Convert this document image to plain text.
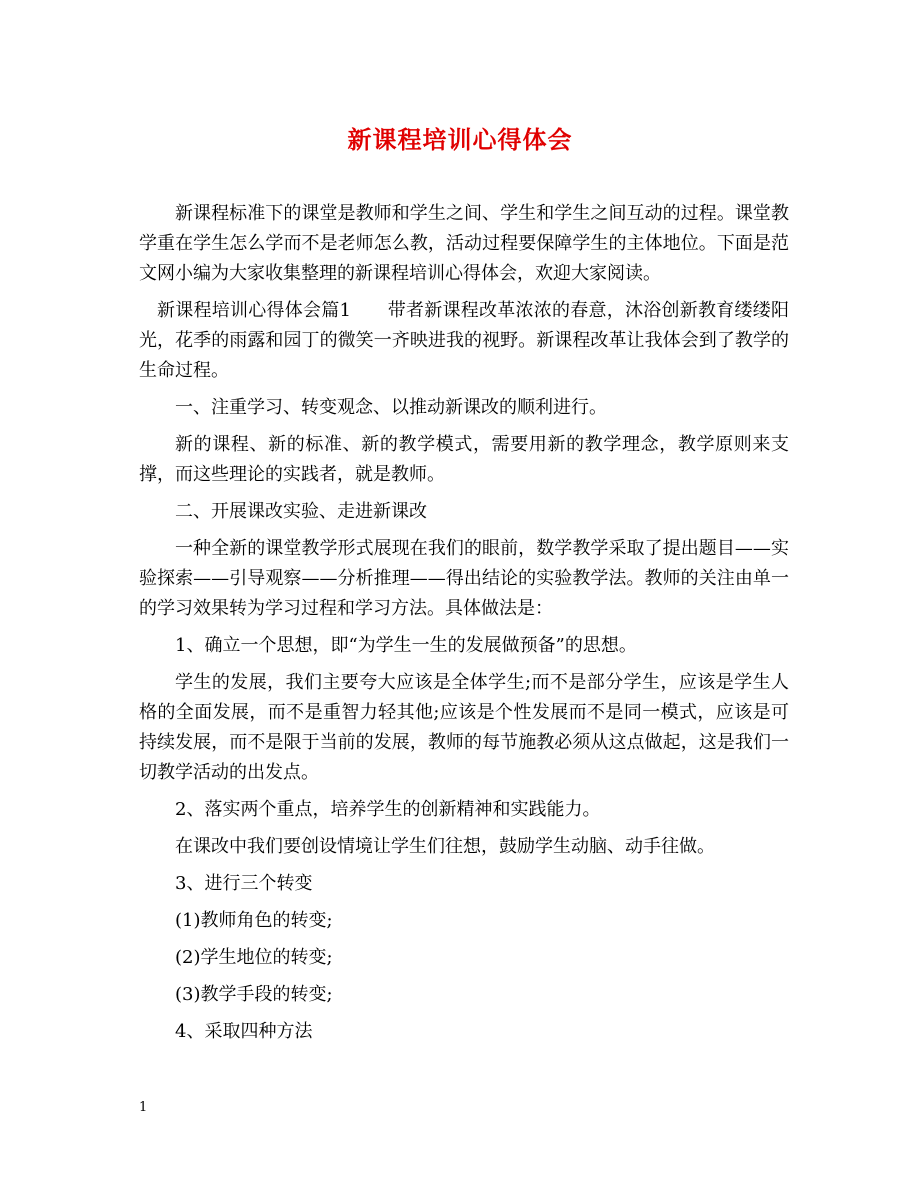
新课程培训心得体会

新课程标准下的课堂是教师和学生之间、学生和学生之间互动的过程。课堂教学重在学生怎么学而不是老师怎么教，活动过程要保障学生的主体地位。下面是范文网小编为大家收集整理的新课程培训心得体会，欢迎大家阅读。

新课程培训心得体会篇1　　带者新课程改革浓浓的春意，沐浴创新教育缕缕阳光，花季的雨露和园丁的微笑一齐映进我的视野。新课程改革让我体会到了教学的生命过程。

一、注重学习、转变观念、以推动新课改的顺利进行。

新的课程、新的标准、新的教学模式，需要用新的教学理念，教学原则来支撑，而这些理论的实践者，就是教师。

二、开展课改实验、走进新课改

一种全新的课堂教学形式展现在我们的眼前，数学教学采取了提出题目——实验探索——引导观察——分析推理——得出结论的实验教学法。教师的关注由单一的学习效果转为学习过程和学习方法。具体做法是：

1、确立一个思想，即“为学生一生的发展做预备”的思想。

学生的发展，我们主要夸大应该是全体学生;而不是部分学生，应该是学生人格的全面发展，而不是重智力轻其他;应该是个性发展而不是同一模式，应该是可持续发展，而不是限于当前的发展，教师的每节施教必须从这点做起，这是我们一切教学活动的出发点。

2、落实两个重点，培养学生的创新精神和实践能力。

在课改中我们要创设情境让学生们往想，鼓励学生动脑、动手往做。

3、进行三个转变

(1)教师角色的转变;

(2)学生地位的转变;

(3)教学手段的转变;

4、采取四种方法

1
